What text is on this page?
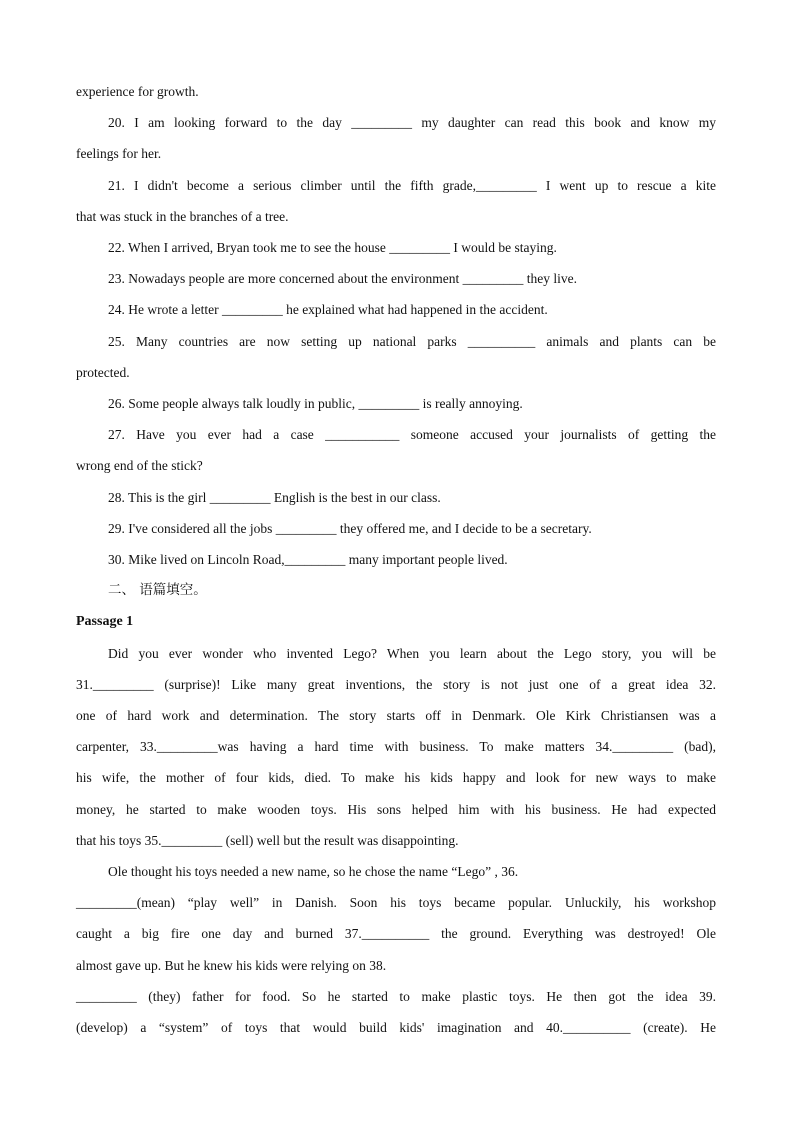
experience for growth.

20. I am looking forward to the day _________ my daughter can read this book and know my

feelings for her.

21. I didn't become a serious climber until the fifth grade,_________ I went up to rescue a kite

that was stuck in the branches of a tree.

22. When I arrived, Bryan took me to see the house _________ I would be staying.

23. Nowadays people are more concerned about the environment _________ they live.

24. He wrote a letter _________ he explained what had happened in the accident.

25. Many countries are now setting up national parks __________ animals and plants can be

protected.

26. Some people always talk loudly in public, _________ is really annoying.

27. Have you ever had a case ___________ someone accused your journalists of getting the

wrong end of the stick?

28. This is the girl _________ English is the best in our class.

29. I've considered all the jobs _________ they offered me, and I decide to be a secretary.

30. Mike lived on Lincoln Road,_________ many important people lived.

二、 语篇填空。

Passage 1

Did you ever wonder who invented Lego? When you learn about the Lego story, you will be

31._________ (surprise)! Like many great inventions, the story is not just one of a great idea 32.

one of hard work and determination. The story starts off in Denmark. Ole Kirk Christiansen was a

carpenter, 33._________was having a hard time with business. To make matters 34._________ (bad),

his wife, the mother of four kids, died. To make his kids happy and look for new ways to make

money, he started to make wooden toys. His sons helped him with his business. He had expected

that his toys 35._________ (sell) well but the result was disappointing.

Ole thought his toys needed a new name, so he chose the name “Lego” , 36.

_________(mean) “play well” in Danish. Soon his toys became popular. Unluckily, his workshop

caught a big fire one day and burned 37.__________ the ground. Everything was destroyed! Ole

almost gave up. But he knew his kids were relying on 38.

_________ (they) father for food. So he started to make plastic toys. He then got the idea 39.

(develop) a “system” of toys that would build kids' imagination and 40.__________ (create). He
